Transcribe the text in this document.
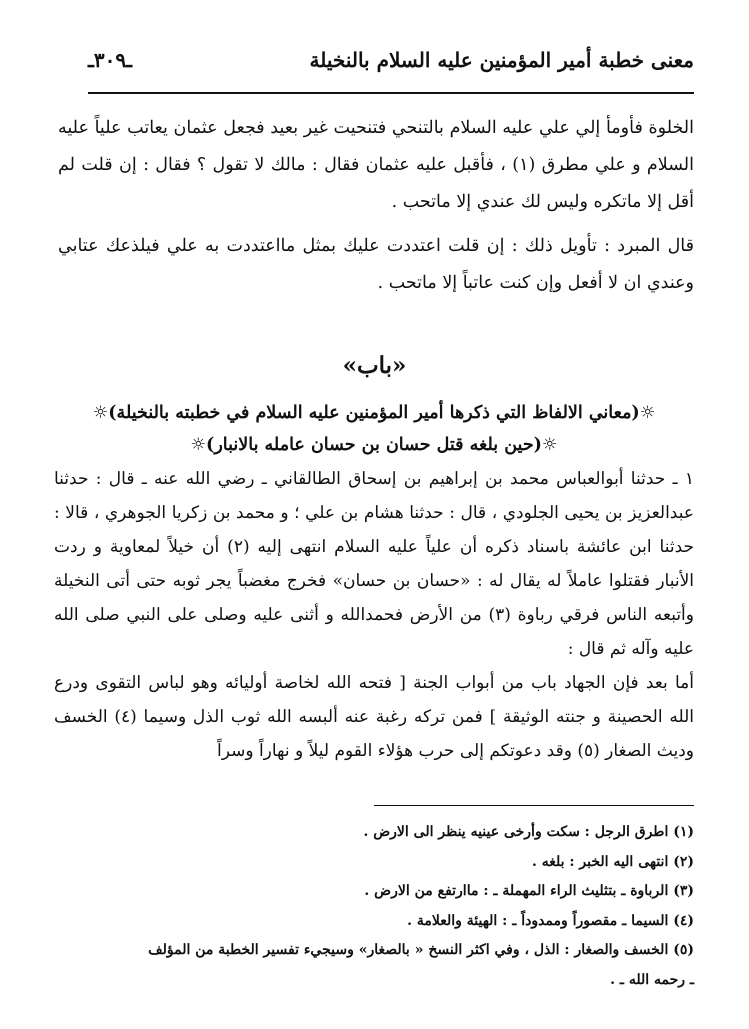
معنى خطبة أمير المؤمنين عليه السلام بالنخيلة
ـ٣٠٩ـ
الخلوة فأومأ إلي علي عليه السلام بالتنحي فتنحيت غير بعيد فجعل عثمان يعاتب علياً عليه السلام و علي مطرق (١) ، فأقبل عليه عثمان فقال : مالك لا تقول ؟ فقال : إن قلت لم أقل إلا ماتكره وليس لك عندي إلا ماتحب .
قال المبرد : تأويل ذلك : إن قلت اعتددت عليك بمثل مااعتددت به علي فيلذعك عتابي وعندي ان لا أفعل وإن كنت عاتباً إلا ماتحب .
«باب»
☼(معاني الالفاظ التي ذكرها أمير المؤمنين عليه السلام في خطبته بالنخيلة)☼
☼(حين بلغه قتل حسان بن حسان عامله بالانبار)☼

١ ـ حدثنا أبوالعباس محمد بن إبراهيم بن إسحاق الطالقاني ـ رضي الله عنه ـ قال : حدثنا عبدالعزيز بن يحيى الجلودي ، قال : حدثنا هشام بن علي ؛ و محمد بن زكريا الجوهري ، قالا : حدثنا ابن عائشة باسناد ذكره أن علياً عليه السلام انتهى إليه (٢) أن خيلاً لمعاوية و ردت الأنبار فقتلوا عاملاً له يقال له : «حسان بن حسان» فخرج مغضباً يجر ثوبه حتى أتى النخيلة وأتبعه الناس فرقي رباوة (٣) من الأرض فحمدالله و أثنى عليه وصلى على النبي صلى الله عليه وآله ثم قال :

أما بعد فإن الجهاد باب من أبواب الجنة [ فتحه الله لخاصة أوليائه وهو لباس التقوى ودرع الله الحصينة و جنته الوثيقة ] فمن تركه رغبة عنه ألبسه الله ثوب الذل وسيما (٤) الخسف وديث الصغار (٥) وقد دعوتكم إلى حرب هؤلاء القوم ليلاً و نهاراً وسراً

(١) اطرق الرجل : سكت وأرخى عينيه ينظر الى الارض .
(٢) انتهى اليه الخبر : بلغه .
(٣) الرباوة ـ بتثليث الراء المهملة ـ : ماارتفع من الارض .
(٤) السيما ـ مقصوراً وممدوداً ـ : الهيئة والعلامة .
(٥) الخسف والصغار : الذل ، وفي اكثر النسخ « بالصغار» وسيجيء تفسير الخطبة من المؤلف
ـ رحمه الله ـ .
